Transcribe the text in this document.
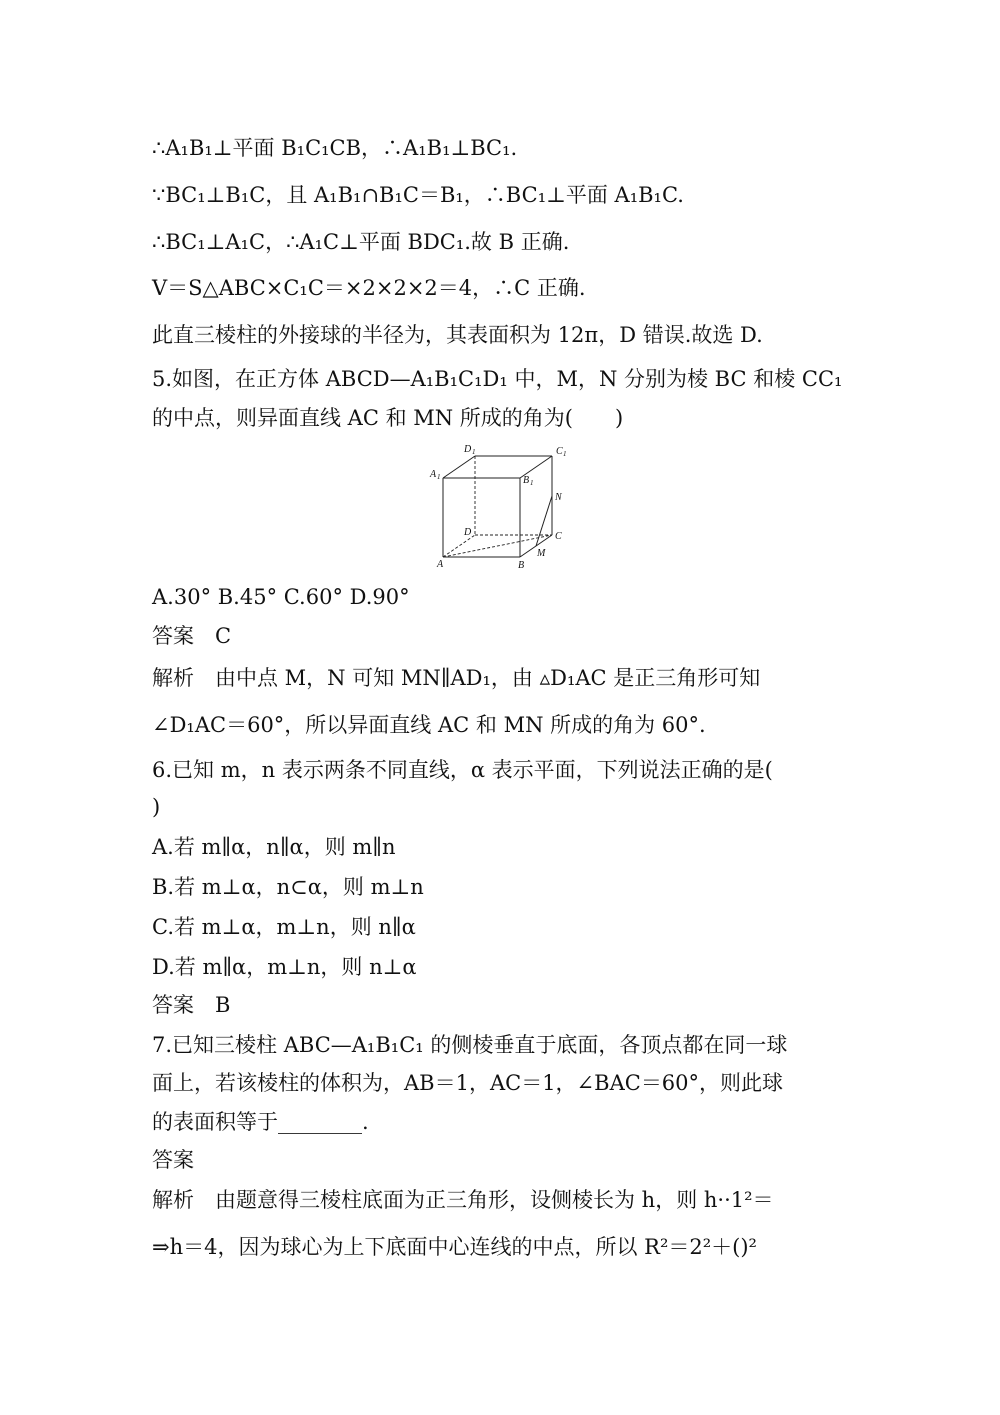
∴A₁B₁⊥平面 B₁C₁CB，∴A₁B₁⊥BC₁.
∵BC₁⊥B₁C，且 A₁B₁∩B₁C＝B₁，∴BC₁⊥平面 A₁B₁C.
∴BC₁⊥A₁C，∴A₁C⊥平面 BDC₁.故 B 正确.
V＝S△ABC×C₁C＝×2×2×2＝4，∴C 正确.
此直三棱柱的外接球的半径为，其表面积为 12π，D 错误.故选 D.
5.如图，在正方体 ABCD—A₁B₁C₁D₁ 中，M，N 分别为棱 BC 和棱 CC₁
的中点，则异面直线 AC 和 MN 所成的角为(　　)
D 1	C 1
A 1	B 1
N
D	C
M
A	B
A.30° B.45° C.60° D.90°
答案　C
解析　由中点 M，N 可知 MN∥AD₁，由 ▵D₁AC 是正三角形可知
∠D₁AC＝60°，所以异面直线 AC 和 MN 所成的角为 60°.
6.已知 m，n 表示两条不同直线，α 表示平面，下列说法正确的是(
)
A.若 m∥α，n∥α，则 m∥n
B.若 m⊥α，n⊂α，则 m⊥n
C.若 m⊥α，m⊥n，则 n∥α
D.若 m∥α，m⊥n，则 n⊥α
答案　B
7.已知三棱柱 ABC—A₁B₁C₁ 的侧棱垂直于底面，各顶点都在同一球
面上，若该棱柱的体积为，AB＝1，AC＝1，∠BAC＝60°，则此球
的表面积等于________.
答案
解析　由题意得三棱柱底面为正三角形，设侧棱长为 h，则 h··1²＝
⇒h＝4，因为球心为上下底面中心连线的中点，所以 R²＝2²＋()²
